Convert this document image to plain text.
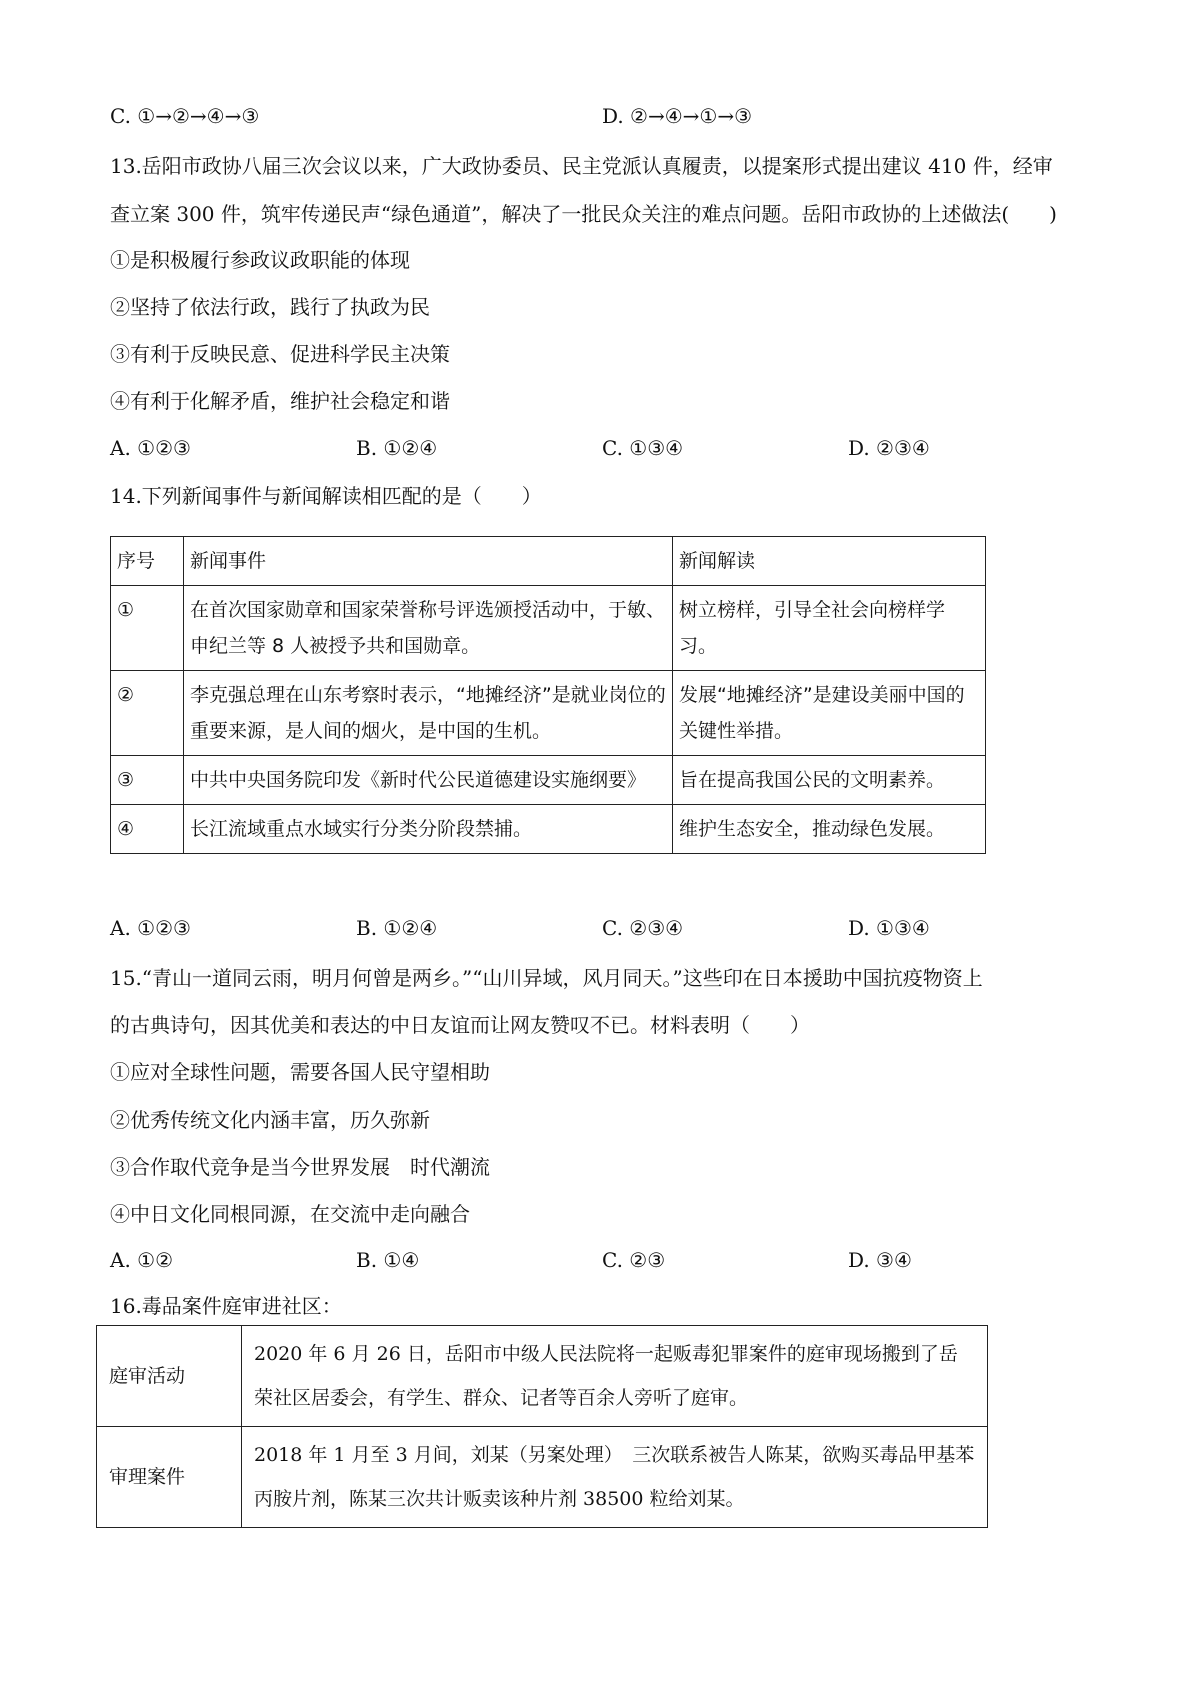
C. ①→②→④→③	D. ②→④→①→③
13.岳阳市政协八届三次会议以来，广大政协委员、民主党派认真履责，以提案形式提出建议 410 件，经审
查立案 300 件，筑牢传递民声“绿色通道”，解决了一批民众关注的难点问题。岳阳市政协的上述做法(　　)
①是积极履行参政议政职能的体现
②坚持了依法行政，践行了执政为民
③有利于反映民意、促进科学民主决策
④有利于化解矛盾，维护社会稳定和谐
A. ①②③	B. ①②④	C. ①③④	D. ②③④
14.下列新闻事件与新闻解读相匹配的是（　　）
序号	新闻事件	新闻解读
①	在首次国家勋章和国家荣誉称号评选颁授活动中，于敏、申纪兰等 8 人被授予共和国勋章。	树立榜样，引导全社会向榜样学习。
②	李克强总理在山东考察时表示，“地摊经济”是就业岗位的重要来源，是人间的烟火，是中国的生机。	发展“地摊经济”是建设美丽中国的关键性举措。
③	中共中央国务院印发《新时代公民道德建设实施纲要》	旨在提高我国公民的文明素养。
④	长江流域重点水域实行分类分阶段禁捕。	维护生态安全，推动绿色发展。
A. ①②③	B. ①②④	C. ②③④	D. ①③④
15.“青山一道同云雨，明月何曾是两乡。”“山川异域，风月同天。”这些印在日本援助中国抗疫物资上
的古典诗句，因其优美和表达的中日友谊而让网友赞叹不已。材料表明（　　）
①应对全球性问题，需要各国人民守望相助
②优秀传统文化内涵丰富，历久弥新
③合作取代竞争是当今世界发展　时代潮流
④中日文化同根同源，在交流中走向融合
A. ①②	B. ①④	C. ②③	D. ③④
16.毒品案件庭审进社区：
庭审活动	2020 年 6 月 26 日，岳阳市中级人民法院将一起贩毒犯罪案件的庭审现场搬到了岳荣社区居委会，有学生、群众、记者等百余人旁听了庭审。
审理案件	2018 年 1 月至 3 月间，刘某（另案处理）　三次联系被告人陈某，欲购买毒品甲基苯丙胺片剂，陈某三次共计贩卖该种片剂 38500 粒给刘某。
